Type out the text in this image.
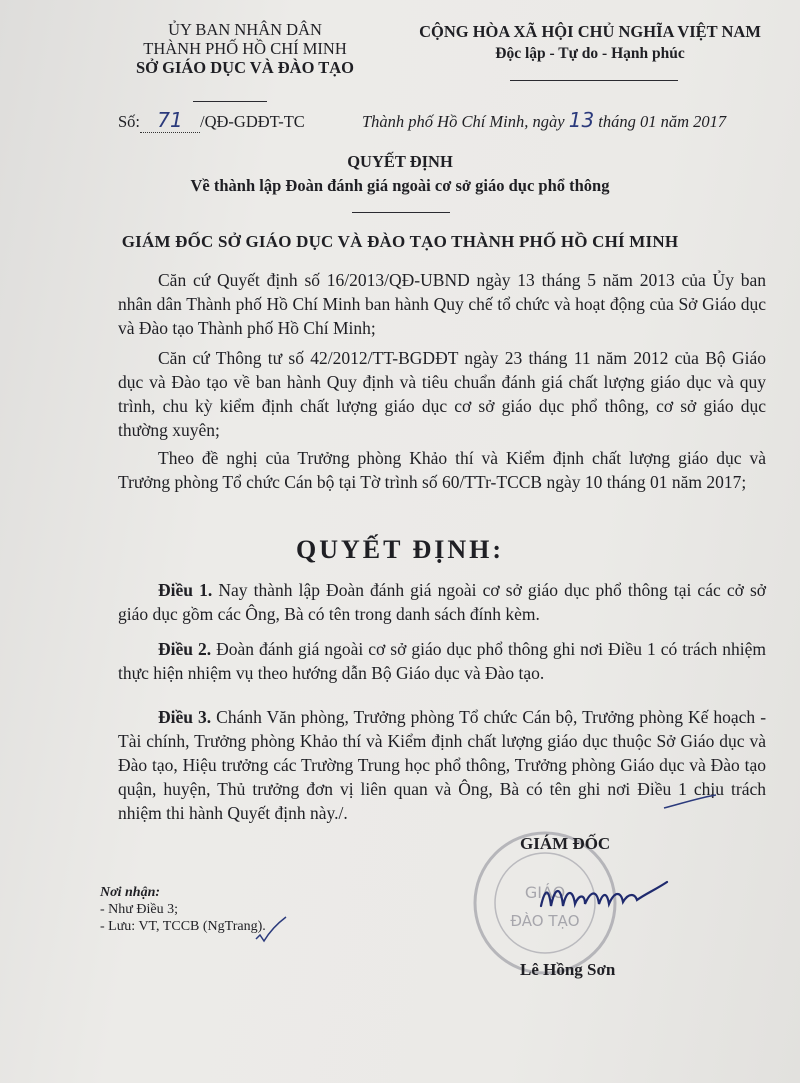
ỦY BAN NHÂN DÂN
THÀNH PHỐ HỒ CHÍ MINH
SỞ GIÁO DỤC VÀ ĐÀO TẠO
CỘNG HÒA XÃ HỘI CHỦ NGHĨA VIỆT NAM
Độc lập - Tự do - Hạnh phúc
Số: 71 /QĐ-GDĐT-TC	Thành phố Hồ Chí Minh, ngày 13 tháng 01 năm 2017
QUYẾT ĐỊNH
Về thành lập Đoàn đánh giá ngoài cơ sở giáo dục phổ thông
GIÁM ĐỐC SỞ GIÁO DỤC VÀ ĐÀO TẠO THÀNH PHỐ HỒ CHÍ MINH
Căn cứ Quyết định số 16/2013/QĐ-UBND ngày 13 tháng 5 năm 2013 của Ủy ban nhân dân Thành phố Hồ Chí Minh ban hành Quy chế tổ chức và hoạt động của Sở Giáo dục và Đào tạo Thành phố Hồ Chí Minh;
Căn cứ Thông tư số 42/2012/TT-BGDĐT ngày 23 tháng 11 năm 2012 của Bộ Giáo dục và Đào tạo về ban hành Quy định và tiêu chuẩn đánh giá chất lượng giáo dục và quy trình, chu kỳ kiểm định chất lượng giáo dục cơ sở giáo dục phổ thông, cơ sở giáo dục thường xuyên;
Theo đề nghị của Trưởng phòng Khảo thí và Kiểm định chất lượng giáo dục và Trưởng phòng Tổ chức Cán bộ tại Tờ trình số 60/TTr-TCCB ngày 10 tháng 01 năm 2017;
QUYẾT ĐỊNH:
Điều 1. Nay thành lập Đoàn đánh giá ngoài cơ sở giáo dục phổ thông tại các cở sở giáo dục gồm các Ông, Bà có tên trong danh sách đính kèm.
Điều 2. Đoàn đánh giá ngoài cơ sở giáo dục phổ thông ghi nơi Điều 1 có trách nhiệm thực hiện nhiệm vụ theo hướng dẫn Bộ Giáo dục và Đào tạo.
Điều 3. Chánh Văn phòng, Trưởng phòng Tổ chức Cán bộ, Trưởng phòng Kế hoạch - Tài chính, Trưởng phòng Khảo thí và Kiểm định chất lượng giáo dục thuộc Sở Giáo dục và Đào tạo, Hiệu trưởng các Trường Trung học phổ thông, Trưởng phòng Giáo dục và Đào tạo quận, huyện, Thủ trưởng đơn vị liên quan và Ông, Bà có tên ghi nơi Điều 1 chịu trách nhiệm thi hành Quyết định này./.
GIÁO
ĐÀO TẠO
GIÁM ĐỐC
Lê Hồng Sơn
Nơi nhận:
- Như Điều 3;
- Lưu: VT, TCCB (NgTrang).
